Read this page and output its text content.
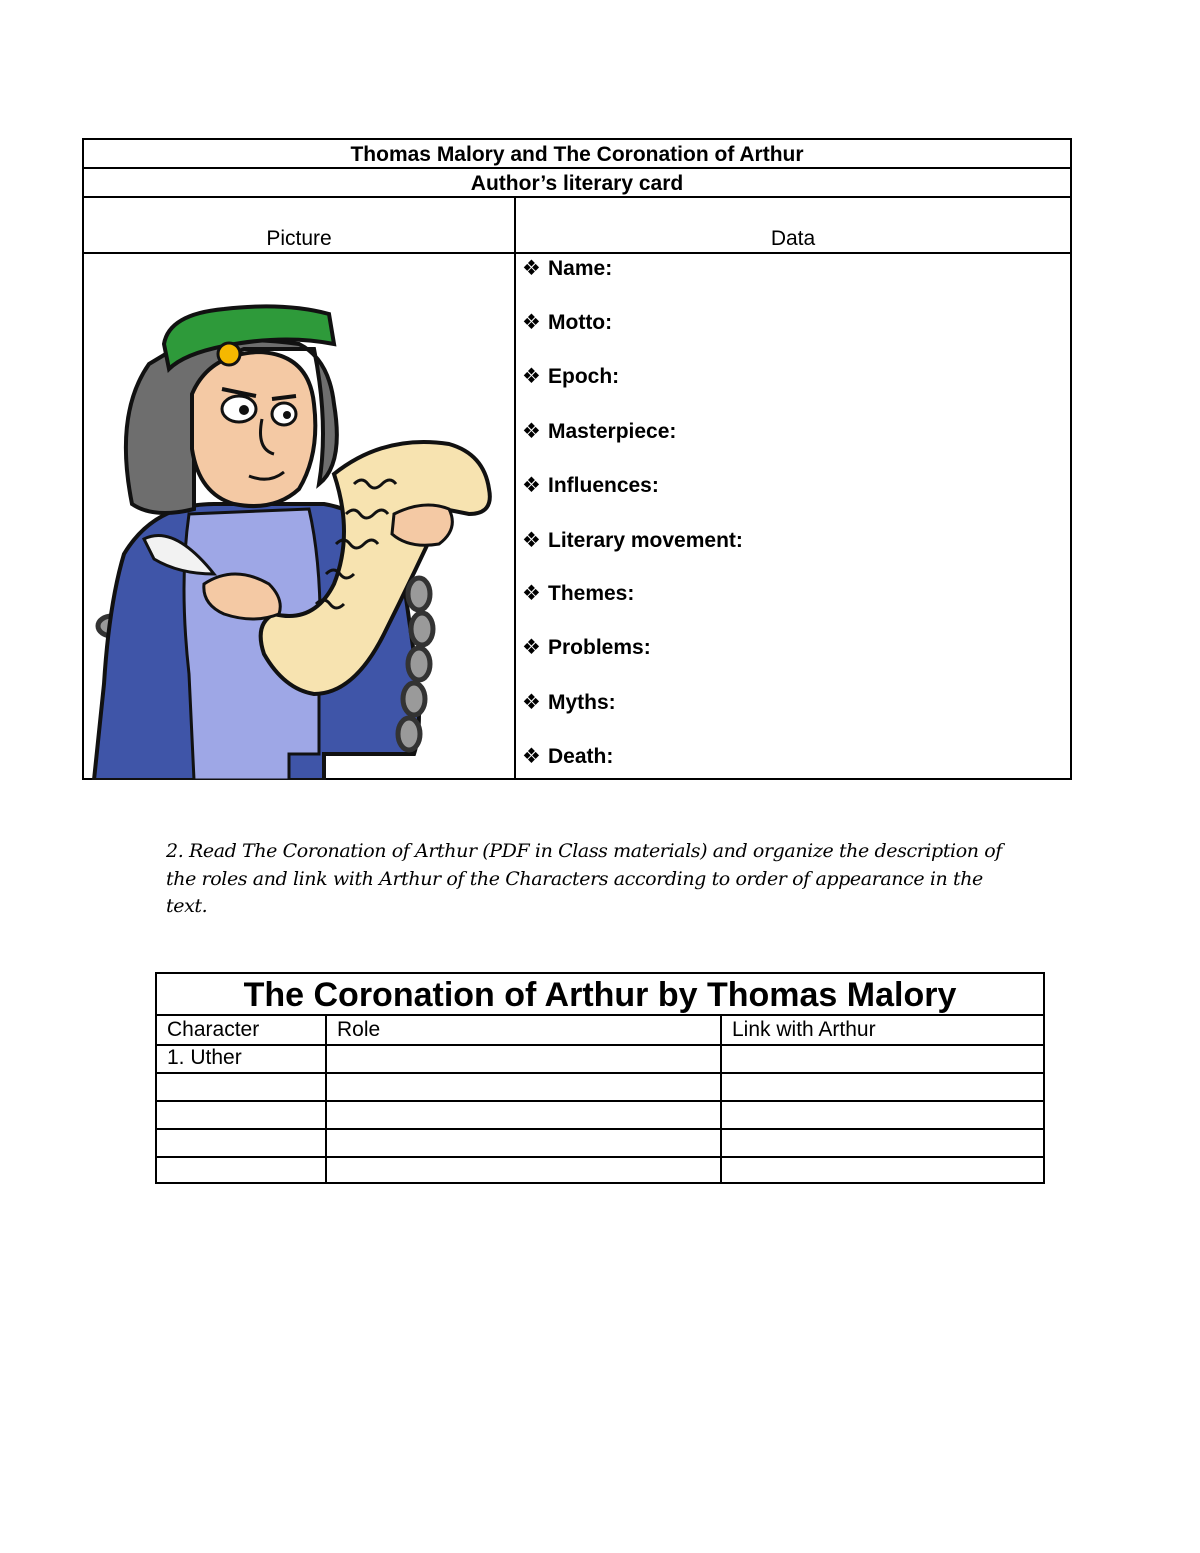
Thomas Malory and The Coronation of Arthur
Author’s literary card
Picture	Data
❖ Name:
❖ Motto:
❖ Epoch:
❖ Masterpiece:
❖ Influences:
❖ Literary movement:
❖ Themes:
❖ Problems:
❖ Myths:
❖ Death:
2. Read The Coronation of Arthur (PDF in Class materials) and organize the description of the roles and link with Arthur of the Characters according to order of appearance in the text.
The Coronation of Arthur by Thomas Malory
Character	Role	Link with Arthur
1. Uther
